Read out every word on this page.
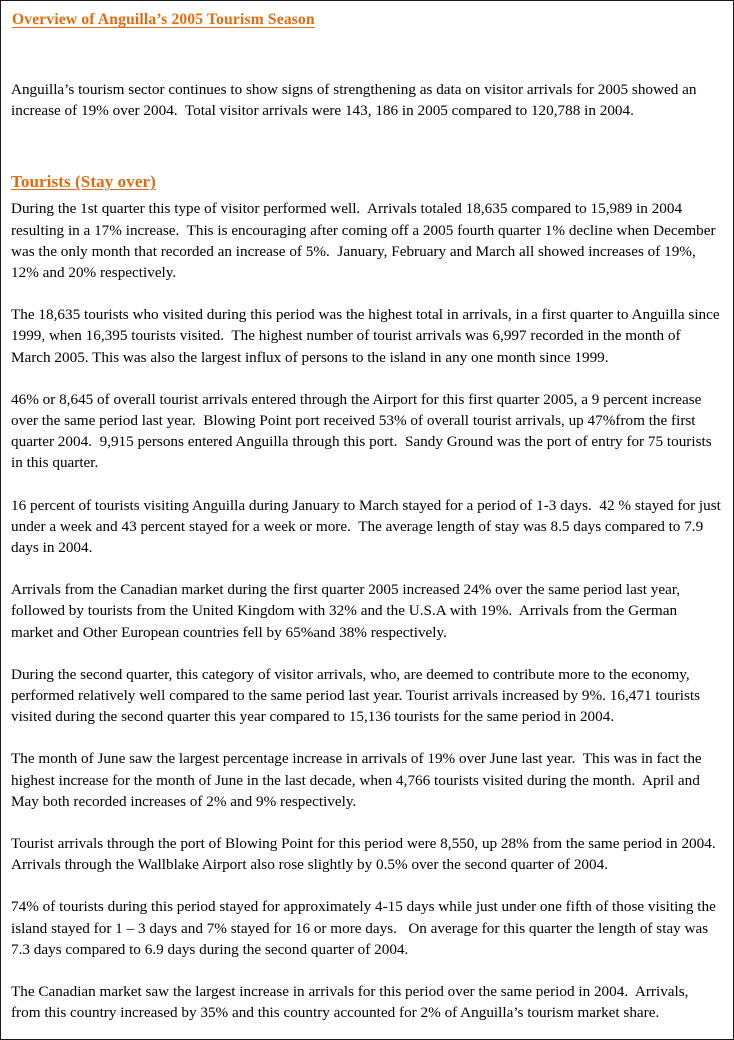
Overview of Anguilla’s 2005 Tourism Season

Anguilla’s tourism sector continues to show signs of strengthening as data on visitor arrivals for 2005 showed an increase of 19% over 2004.  Total visitor arrivals were 143, 186 in 2005 compared to 120,788 in 2004.

Tourists (Stay over)

During the 1st quarter this type of visitor performed well.  Arrivals totaled 18,635 compared to 15,989 in 2004 resulting in a 17% increase.  This is encouraging after coming off a 2005 fourth quarter 1% decline when December was the only month that recorded an increase of 5%.  January, February and March all showed increases of 19%, 12% and 20% respectively.

The 18,635 tourists who visited during this period was the highest total in arrivals, in a first quarter to Anguilla since 1999, when 16,395 tourists visited.  The highest number of tourist arrivals was 6,997 recorded in the month of March 2005. This was also the largest influx of persons to the island in any one month since 1999.

46% or 8,645 of overall tourist arrivals entered through the Airport for this first quarter 2005, a 9 percent increase over the same period last year.  Blowing Point port received 53% of overall tourist arrivals, up 47%from the first quarter 2004.  9,915 persons entered Anguilla through this port.  Sandy Ground was the port of entry for 75 tourists in this quarter.

16 percent of tourists visiting Anguilla during January to March stayed for a period of 1-3 days.  42 % stayed for just under a week and 43 percent stayed for a week or more.  The average length of stay was 8.5 days compared to 7.9 days in 2004.

Arrivals from the Canadian market during the first quarter 2005 increased 24% over the same period last year, followed by tourists from the United Kingdom with 32% and the U.S.A with 19%.  Arrivals from the German market and Other European countries fell by 65%and 38% respectively.

During the second quarter, this category of visitor arrivals, who, are deemed to contribute more to the economy, performed relatively well compared to the same period last year. Tourist arrivals increased by 9%. 16,471 tourists visited during the second quarter this year compared to 15,136 tourists for the same period in 2004.

The month of June saw the largest percentage increase in arrivals of 19% over June last year.  This was in fact the highest increase for the month of June in the last decade, when 4,766 tourists visited during the month.  April and May both recorded increases of 2% and 9% respectively.

Tourist arrivals through the port of Blowing Point for this period were 8,550, up 28% from the same period in 2004.  Arrivals through the Wallblake Airport also rose slightly by 0.5% over the second quarter of 2004.

74% of tourists during this period stayed for approximately 4-15 days while just under one fifth of those visiting the island stayed for 1 – 3 days and 7% stayed for 16 or more days.   On average for this quarter the length of stay was 7.3 days compared to 6.9 days during the second quarter of 2004.

The Canadian market saw the largest increase in arrivals for this period over the same period in 2004.  Arrivals, from this country increased by 35% and this country accounted for 2% of Anguilla’s tourism market share.
